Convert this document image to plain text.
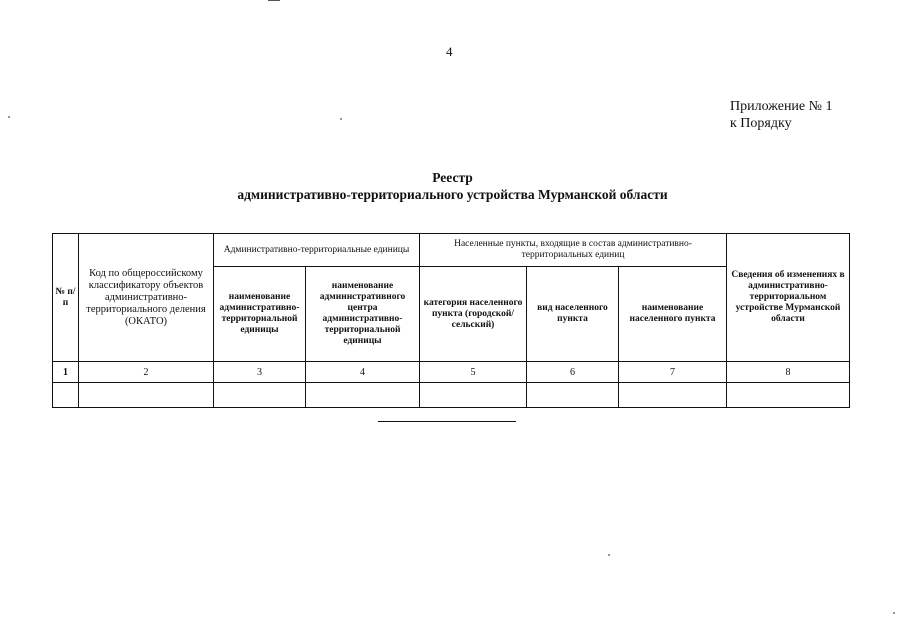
4
Приложение № 1
к Порядку
Реестр
административно-территориального устройства Мурманской области
№ п/п	Код по общероссийскому классификатору объектов административно-территориального деления (ОКАТО)	Административно-территориальные единицы		Населенные пункты, входящие в состав административно-территориальных единиц			Сведения об изменениях в административно-территориальном устройстве Мурманской области
		наименование административно-территориальной единицы	наименование административного центра административно-территориальной единицы	категория населенного пункта (городской/сельский)	вид населенного пункта	наименование населенного пункта	
1	2	3	4	5	6	7	8
